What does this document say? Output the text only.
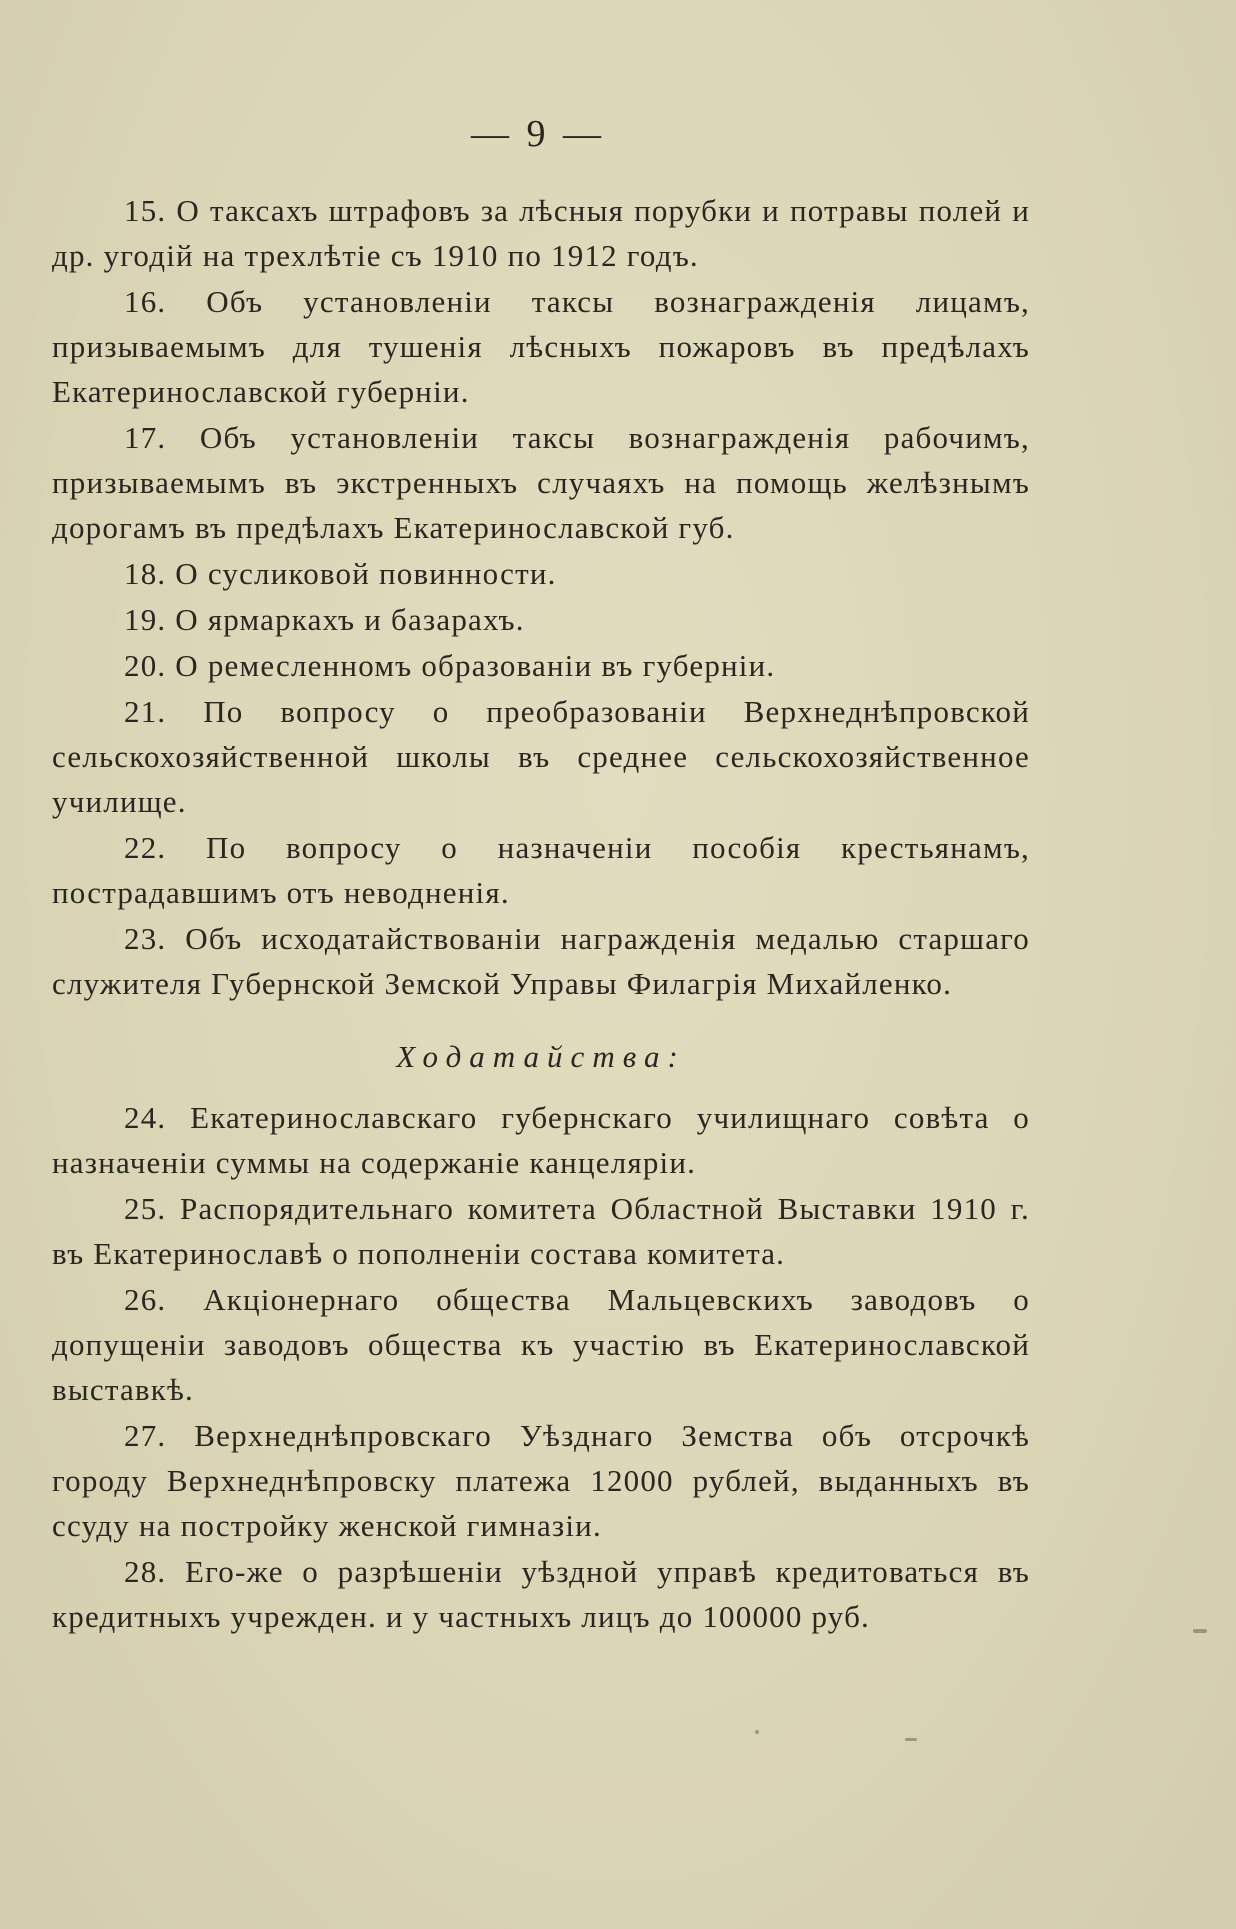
— 9 —

15. О таксахъ штрафовъ за лѣсныя порубки и потравы полей и др. угодій на трехлѣтіе съ 1910 по 1912 годъ.

16. Объ установленіи таксы вознагражденія лицамъ, призываемымъ для тушенія лѣсныхъ пожаровъ въ предѣлахъ Екатеринославской губерніи.

17. Объ установленіи таксы вознагражденія рабочимъ, призываемымъ въ экстренныхъ случаяхъ на помощь желѣзнымъ дорогамъ въ предѣлахъ Екатеринославской губ.

18. О сусликовой повинности.

19. О ярмаркахъ и базарахъ.

20. О ремесленномъ образованіи въ губерніи.

21. По вопросу о преобразованіи Верхнеднѣпровской сельскохозяйственной школы въ среднее сельскохозяйственное училище.

22. По вопросу о назначеніи пособія крестьянамъ, пострадавшимъ отъ неводненія.

23. Объ исходатайствованіи награжденія медалью старшаго служителя Губернской Земской Управы Филагрія Михайленко.

Ходатайства:

24. Екатеринославскаго губернскаго училищнаго совѣта о назначеніи суммы на содержаніе канцеляріи.

25. Распорядительнаго комитета Областной Выставки 1910 г. въ Екатеринославѣ о пополненіи состава комитета.

26. Акціонернаго общества Мальцевскихъ заводовъ о допущеніи заводовъ общества къ участію въ Екатеринославской выставкѣ.

27. Верхнеднѣпровскаго Уѣзднаго Земства объ отсрочкѣ городу Верхнеднѣпровску платежа 12000 рублей, выданныхъ въ ссуду на постройку женской гимназіи.

28. Его-же о разрѣшеніи уѣздной управѣ кредитоваться въ кредитныхъ учрежден. и у частныхъ лицъ до 100000 руб.
